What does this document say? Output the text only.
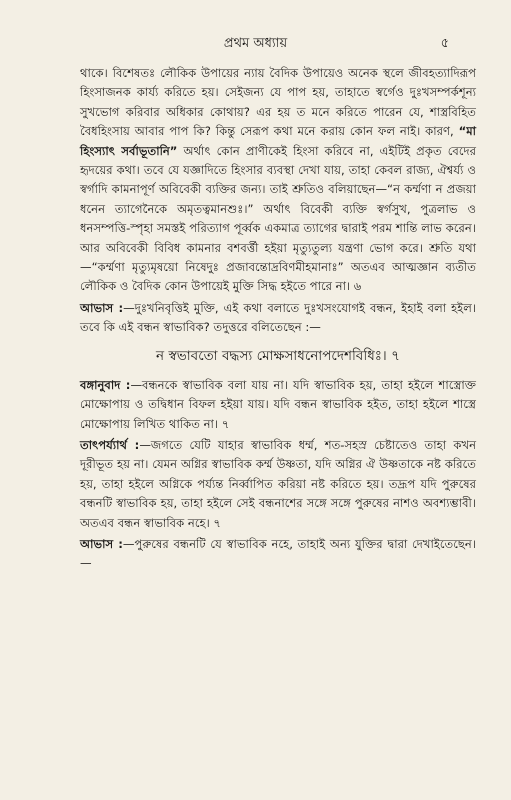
প্রথম অধ্যায়	৫

থাকে। বিশেষতঃ লৌকিক উপায়ের ন্যায় বৈদিক উপায়েও অনেক স্থলে জীবহত্যাদিরূপ হিংসাজনক কার্য্য করিতে হয়। সেইজন্য যে পাপ হয়, তাহাতে স্বর্গেও দুঃখসম্পর্কশূন্য সুখভোগ করিবার অধিকার কোথায়? এর হয় ত মনে করিতে পারেন যে, শাস্ত্রবিহিত বৈধহিংসায় আবার পাপ কি? কিন্তু সেরূপ কথা মনে করায় কোন ফল নাই। কারণ, “মা হিংস্যাৎ সর্বাভূতানি” অর্থাৎ কোন প্রাণীকেই হিংসা করিবে না, এইটিই প্রকৃত বেদের হৃদয়ের কথা। তবে যে যজ্ঞাদিতে হিংসার ব্যবস্থা দেখা যায়, তাহা কেবল রাজ্য, ঐশ্বর্য্য ও স্বর্গাদি কামনাপূর্ণ অবিবেকী ব্যক্তির জন্য। তাই শ্রুতিও বলিয়াছেন—“ন কর্ম্মণা ন প্রজয়া ধনেন ত্যাগেনৈকে অমৃতত্বমানশুঃ।” অর্থাৎ বিবেকী ব্যক্তি স্বর্গসুখ, পুত্রলাভ ও ধনসম্পত্তি-স্পৃহা সমস্তই পরিত্যাগ পূর্ব্বক একমাত্র ত্যাগের দ্বারাই পরম শান্তি লাভ করেন। আর অবিবেকী বিবিধ কামনার বশবর্ত্তী হইয়া মৃত্যুতুল্য যন্ত্রণা ভোগ করে। শ্রুতি যথা—“কর্ম্মণা মৃত্যুমৃষয়ো নিষেদুঃ প্রজাবন্তোদ্রবিণমীহমানাঃ” অতএব আত্মজ্ঞান ব্যতীত লৌকিক ও বৈদিক কোন উপায়েই মুক্তি সিদ্ধ হইতে পারে না। ৬

আভাস :—দুঃখনিবৃত্তিই মুক্তি, এই কথা বলাতে দুঃখসংযোগই বন্ধন, ইহাই বলা হইল। তবে কি এই বন্ধন স্বাভাবিক? তদুত্তরে বলিতেছেন :—

ন স্বভাবতো বদ্ধস্য মোক্ষসাধনোপদেশবিধিঃ। ৭

বঙ্গানুবাদ :—বন্ধনকে স্বাভাবিক বলা যায় না। যদি স্বাভাবিক হয়, তাহা হইলে শাস্ত্রোক্ত মোক্ষোপায় ও তদ্বিধান বিফল হইয়া যায়। যদি বন্ধন স্বাভাবিক হইত, তাহা হইলে শাস্ত্রে মোক্ষোপায় লিখিত থাকিত না। ৭

তাৎপর্য্যার্থ :—জগতে যেটি যাহার স্বাভাবিক ধর্ম্ম, শত-সহস্র চেষ্টাতেও তাহা কখন দূরীভূত হয় না। যেমন অগ্নির স্বাভাবিক কর্ম্ম উষ্ণতা, যদি অগ্নির ঐ উষ্ণতাকে নষ্ট করিতে হয়, তাহা হইলে অগ্নিকে পর্য্যন্ত নির্ব্বাপিত করিয়া নষ্ট করিতে হয়। তদ্রূপ যদি পুরুষের বন্ধনটি স্বাভাবিক হয়, তাহা হইলে সেই বন্ধনাশের সঙ্গে সঙ্গে পুরুষের নাশও অবশ্যম্ভাবী। অতএব বন্ধন স্বাভাবিক নহে। ৭

আভাস :—পুরুষের বন্ধনটি যে স্বাভাবিক নহে, তাহাই অন্য যুক্তির দ্বারা দেখাইতেছেন।—
